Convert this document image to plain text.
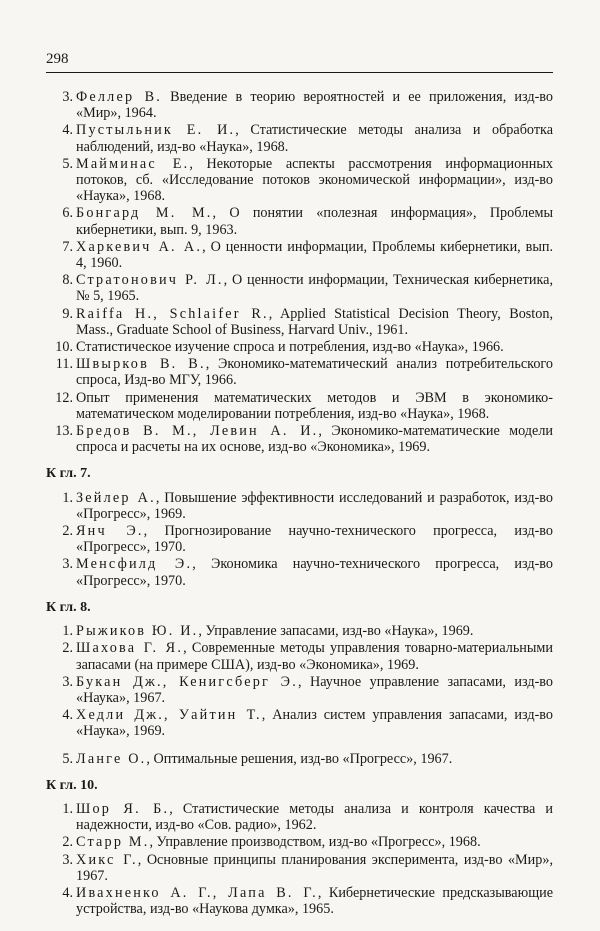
298
3. Феллер В. Введение в теорию вероятностей и ее приложения, изд-во «Мир», 1964.
4. Пустыльник Е. И., Статистические методы анализа и обработка наблюдений, изд-во «Наука», 1968.
5. Майминас Е., Некоторые аспекты рассмотрения информационных потоков, сб. «Исследование потоков экономической информации», изд-во «Наука», 1968.
6. Бонгард М. М., О понятии «полезная информация», Проблемы кибернетики, вып. 9, 1963.
7. Харкевич А. А., О ценности информации, Проблемы кибернетики, вып. 4, 1960.
8. Стратонович Р. Л., О ценности информации, Техническая кибернетика, № 5, 1965.
9. Raiffa H., Schlaifer R., Applied Statistical Decision Theory, Boston, Mass., Graduate School of Business, Harvard Univ., 1961.
10. Статистическое изучение спроса и потребления, изд-во «Наука», 1966.
11. Швырков В. В., Экономико-математический анализ потребительского спроса, Изд-во МГУ, 1966.
12. Опыт применения математических методов и ЭВМ в экономико-математическом моделировании потребления, изд-во «Наука», 1968.
13. Бредов В. М., Левин А. И., Экономико-математические модели спроса и расчеты на их основе, изд-во «Экономика», 1969.
К гл. 7.
1. Зейлер А., Повышение эффективности исследований и разработок, изд-во «Прогресс», 1969.
2. Янч Э., Прогнозирование научно-технического прогресса, изд-во «Прогресс», 1970.
3. Менсфилд Э., Экономика научно-технического прогресса, изд-во «Прогресс», 1970.
К гл. 8.
1. Рыжиков Ю. И., Управление запасами, изд-во «Наука», 1969.
2. Шахова Г. Я., Современные методы управления товарно-материальными запасами (на примере США), изд-во «Экономика», 1969.
3. Букан Дж., Кенигсберг Э., Научное управление запасами, изд-во «Наука», 1967.
4. Хедли Дж., Уайтин Т., Анализ систем управления запасами, изд-во «Наука», 1969.
5. Ланге О., Оптимальные решения, изд-во «Прогресс», 1967.
К гл. 10.
1. Шор Я. Б., Статистические методы анализа и контроля качества и надежности, изд-во «Сов. радио», 1962.
2. Старр М., Управление производством, изд-во «Прогресс», 1968.
3. Хикс Г., Основные принципы планирования эксперимента, изд-во «Мир», 1967.
4. Ивахненко А. Г., Лапа В. Г., Кибернетические предсказывающие устройства, изд-во «Наукова думка», 1965.
